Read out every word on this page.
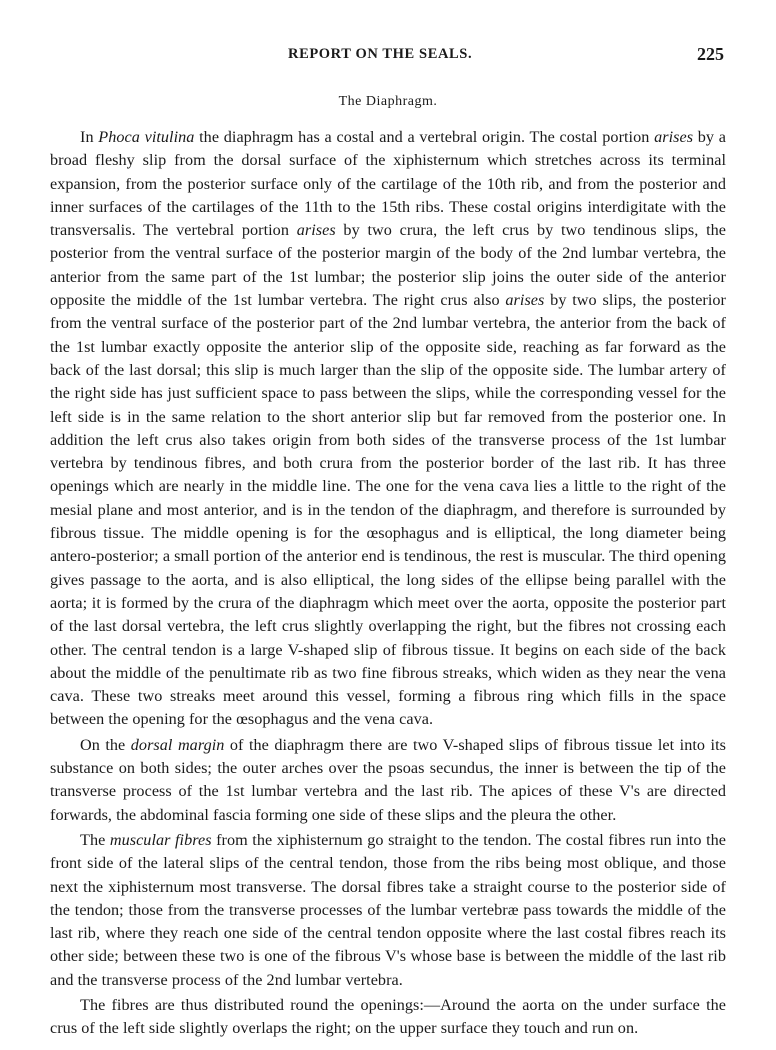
REPORT ON THE SEALS.	225
The Diaphragm.

In Phoca vitulina the diaphragm has a costal and a vertebral origin. The costal portion arises by a broad fleshy slip from the dorsal surface of the xiphisternum which stretches across its terminal expansion, from the posterior surface only of the cartilage of the 10th rib, and from the posterior and inner surfaces of the cartilages of the 11th to the 15th ribs. These costal origins interdigitate with the transversalis. The vertebral portion arises by two crura, the left crus by two tendinous slips, the posterior from the ventral surface of the posterior margin of the body of the 2nd lumbar vertebra, the anterior from the same part of the 1st lumbar; the posterior slip joins the outer side of the anterior opposite the middle of the 1st lumbar vertebra. The right crus also arises by two slips, the posterior from the ventral surface of the posterior part of the 2nd lumbar vertebra, the anterior from the back of the 1st lumbar exactly opposite the anterior slip of the opposite side, reaching as far forward as the back of the last dorsal; this slip is much larger than the slip of the opposite side. The lumbar artery of the right side has just sufficient space to pass between the slips, while the corresponding vessel for the left side is in the same relation to the short anterior slip but far removed from the posterior one. In addition the left crus also takes origin from both sides of the transverse process of the 1st lumbar vertebra by tendinous fibres, and both crura from the posterior border of the last rib. It has three openings which are nearly in the middle line. The one for the vena cava lies a little to the right of the mesial plane and most anterior, and is in the tendon of the diaphragm, and therefore is surrounded by fibrous tissue. The middle opening is for the œsophagus and is elliptical, the long diameter being antero-posterior; a small portion of the anterior end is tendinous, the rest is muscular. The third opening gives passage to the aorta, and is also elliptical, the long sides of the ellipse being parallel with the aorta; it is formed by the crura of the diaphragm which meet over the aorta, opposite the posterior part of the last dorsal vertebra, the left crus slightly overlapping the right, but the fibres not crossing each other. The central tendon is a large V-shaped slip of fibrous tissue. It begins on each side of the back about the middle of the penultimate rib as two fine fibrous streaks, which widen as they near the vena cava. These two streaks meet around this vessel, forming a fibrous ring which fills in the space between the opening for the œsophagus and the vena cava.

On the dorsal margin of the diaphragm there are two V-shaped slips of fibrous tissue let into its substance on both sides; the outer arches over the psoas secundus, the inner is between the tip of the transverse process of the 1st lumbar vertebra and the last rib. The apices of these V's are directed forwards, the abdominal fascia forming one side of these slips and the pleura the other.

The muscular fibres from the xiphisternum go straight to the tendon. The costal fibres run into the front side of the lateral slips of the central tendon, those from the ribs being most oblique, and those next the xiphisternum most transverse. The dorsal fibres take a straight course to the posterior side of the tendon; those from the transverse processes of the lumbar vertebræ pass towards the middle of the last rib, where they reach one side of the central tendon opposite where the last costal fibres reach its other side; between these two is one of the fibrous V's whose base is between the middle of the last rib and the transverse process of the 2nd lumbar vertebra.

The fibres are thus distributed round the openings:—Around the aorta on the under surface the crus of the left side slightly overlaps the right; on the upper surface they touch and run on.
